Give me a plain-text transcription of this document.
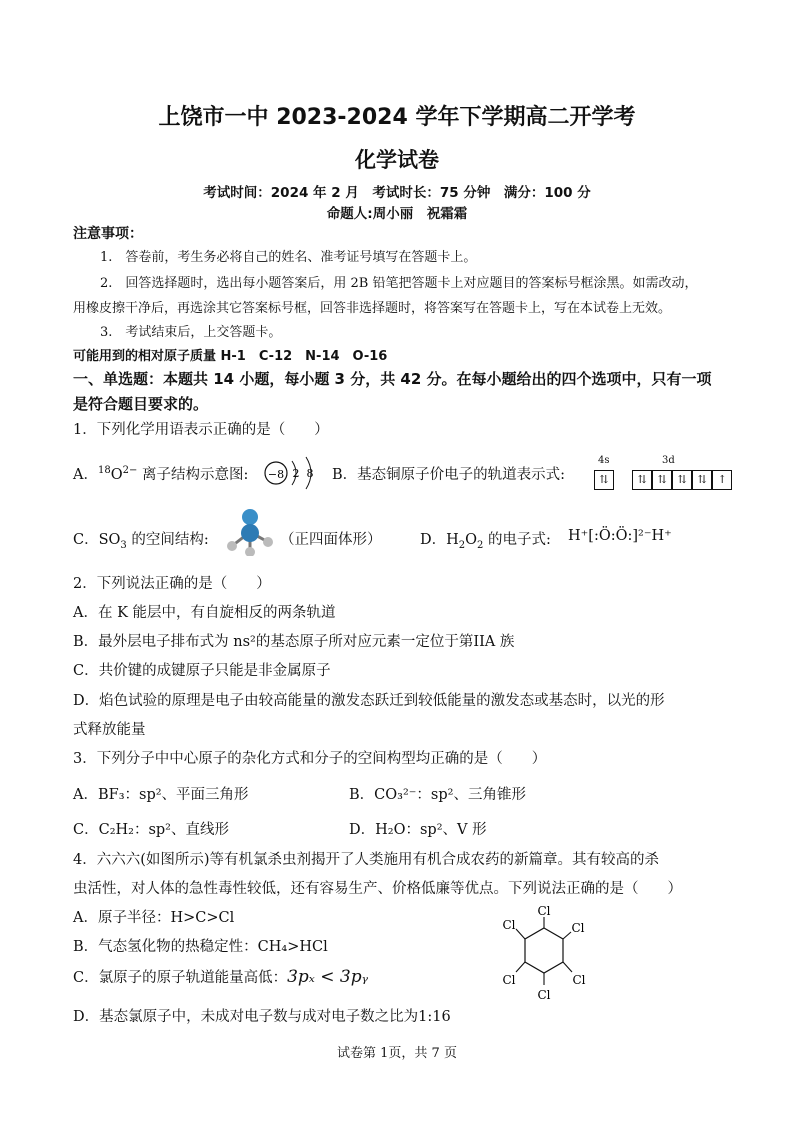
上饶市一中 2023-2024 学年下学期高二开学考
化学试卷
考试时间：2024 年 2 月　考试时长：75 分钟　满分：100 分
命题人:周小丽　祝霜霜
注意事项：
1.　答卷前，考生务必将自己的姓名、准考证号填写在答题卡上。
2.　回答选择题时，选出每小题答案后，用 2B 铅笔把答题卡上对应题目的答案标号框涂黑。如需改动，
用橡皮擦干净后，再选涂其它答案标号框，回答非选择题时，将答案写在答题卡上，写在本试卷上无效。
3.　考试结束后，上交答题卡。
可能用到的相对原子质量 H-1　C-12　N-14　O-16
一、单选题：本题共 14 小题，每小题 3 分，共 42 分。在每小题给出的四个选项中，只有一项
是符合题目要求的。
1．下列化学用语表示正确的是（　　）
A．$^{18}O^{2-}$ 离子结构示意图: −8 2 8 B．基态铜原子价电子的轨道表示式:
4s	3d
⇅	⇅ ⇅ ⇅ ⇅ ↑
C．$SO_3$ 的空间结构:	（正四面体形）	D．$H_2O_2$ 的电子式: H⁺[:Ö:Ö:]²⁻H⁺
2．下列说法正确的是（　　）
A．在 K 能层中，有自旋相反的两条轨道
B．最外层电子排布式为 ns²的基态原子所对应元素一定位于第IIA 族
C．共价键的成键原子只能是非金属原子
D．焰色试验的原理是电子由较高能量的激发态跃迁到较低能量的激发态或基态时，以光的形
式释放能量
3．下列分子中中心原子的杂化方式和分子的空间构型均正确的是（　　）
A．BF₃：sp²、平面三角形	B．CO₃²⁻：sp²、三角锥形
C．C₂H₂：sp²、直线形	D．H₂O：sp²、V 形
4．六六六(如图所示)等有机氯杀虫剂揭开了人类施用有机合成农药的新篇章。其有较高的杀
虫活性，对人体的急性毒性较低，还有容易生产、价格低廉等优点。下列说法正确的是（　　）
A．原子半径：H>C>Cl
B．气态氢化物的热稳定性：CH₄>HCl
C．氯原子的原子轨道能量高低：3pₓ < 3pᵧ
D．基态氯原子中，未成对电子数与成对电子数之比为1:16
Cl
Cl
Cl
Cl
Cl
Cl
试卷第 1页，共 7 页
